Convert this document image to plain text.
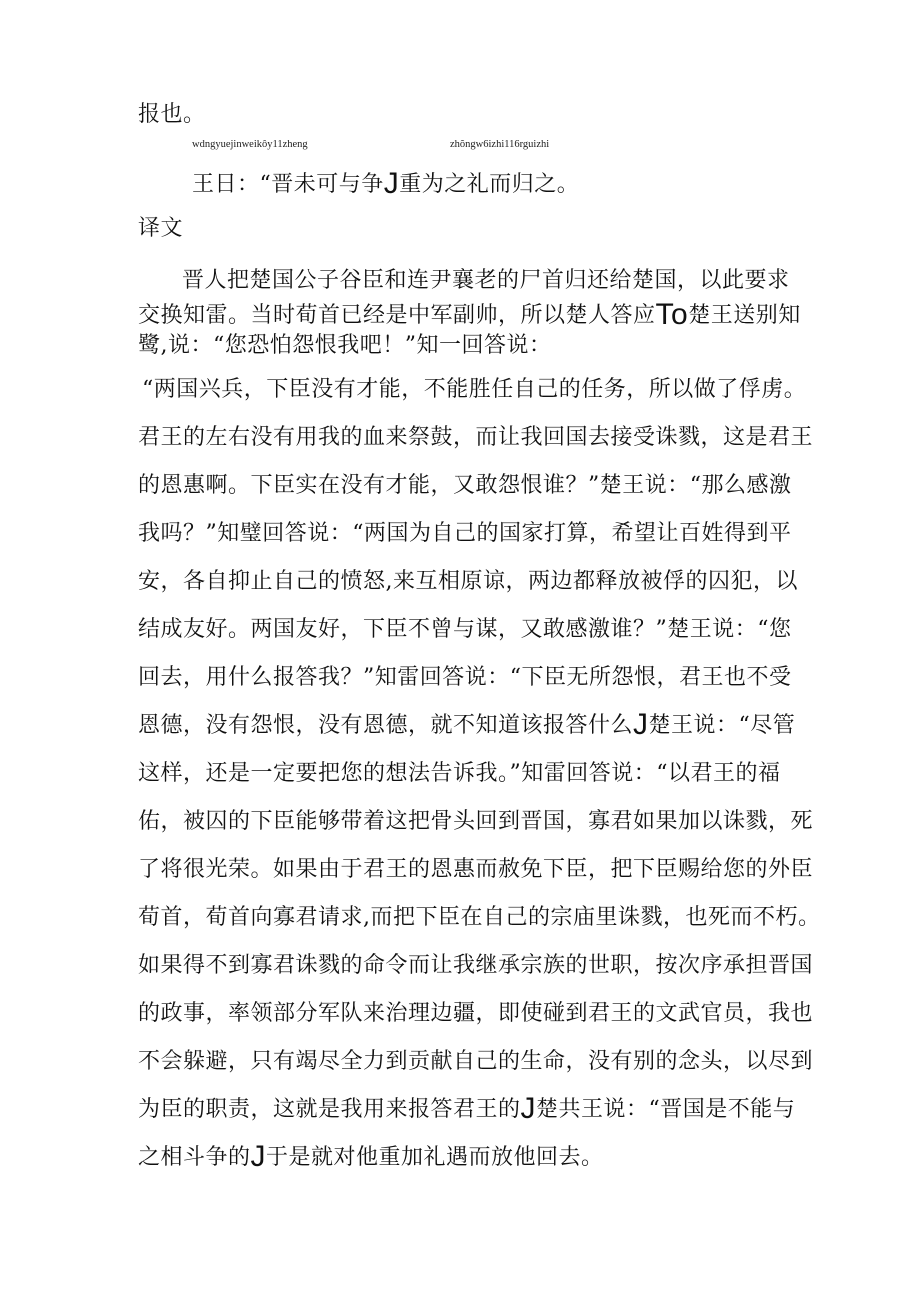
报也。
wdngyuejinweikôy11zheng	zhõngw6izhi116rguizhi
王日：“晋未可与争J重为之礼而归之。
译文
晋人把楚国公子谷臣和连尹襄老的尸首归还给楚国，以此要求
交换知雷。当时荀首已经是中军副帅，所以楚人答应To楚王送别知
鹭,说：“您恐怕怨恨我吧！”知一回答说：
“两国兴兵，下臣没有才能，不能胜任自己的任务，所以做了俘虏。
君王的左右没有用我的血来祭鼓，而让我回国去接受诛戮，这是君王
的恩惠啊。下臣实在没有才能，又敢怨恨谁？”楚王说：“那么感激
我吗？”知璧回答说：“两国为自己的国家打算，希望让百姓得到平
安，各自抑止自己的愤怒,来互相原谅，两边都释放被俘的囚犯，以
结成友好。两国友好，下臣不曾与谋，又敢感激谁？”楚王说：“您
回去，用什么报答我？”知雷回答说：“下臣无所怨恨，君王也不受
恩德，没有怨恨，没有恩德，就不知道该报答什么J楚王说：“尽管
这样，还是一定要把您的想法告诉我。”知雷回答说：“以君王的福
佑，被囚的下臣能够带着这把骨头回到晋国，寡君如果加以诛戮，死
了将很光荣。如果由于君王的恩惠而赦免下臣，把下臣赐给您的外臣
荀首，荀首向寡君请求,而把下臣在自己的宗庙里诛戮，也死而不朽。
如果得不到寡君诛戮的命令而让我继承宗族的世职，按次序承担晋国
的政事，率领部分军队来治理边疆，即使碰到君王的文武官员，我也
不会躲避，只有竭尽全力到贡献自己的生命，没有别的念头，以尽到
为臣的职责，这就是我用来报答君王的J楚共王说：“晋国是不能与
之相斗争的J于是就对他重加礼遇而放他回去。
